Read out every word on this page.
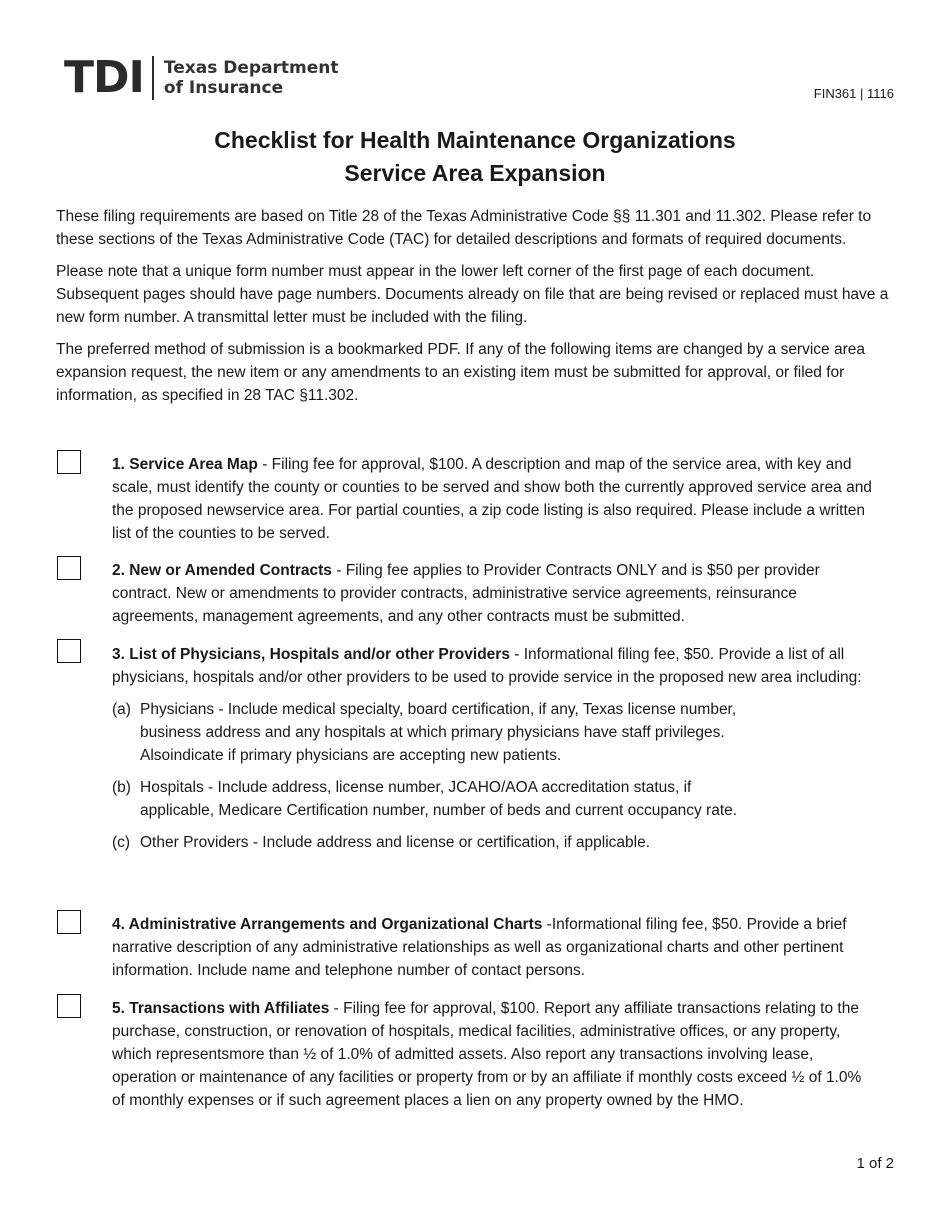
TDI Texas Department
of Insurance	FIN361 | 1116
Checklist for Health Maintenance Organizations
Service Area Expansion

These filing requirements are based on Title 28 of the Texas Administrative Code §§ 11.301 and 11.302. Please refer to these sections of the Texas Administrative Code (TAC) for detailed descriptions and formats of required documents.

Please note that a unique form number must appear in the lower left corner of the first page of each document. Subsequent pages should have page numbers. Documents already on file that are being revised or replaced must have a new form number. A transmittal letter must be included with the filing.

The preferred method of submission is a bookmarked PDF. If any of the following items are changed by a service area expansion request, the new item or any amendments to an existing item must be submitted for approval, or filed for information, as specified in 28 TAC §11.302.

1. Service Area Map - Filing fee for approval, $100. A description and map of the service area, with key and scale, must identify the county or counties to be served and show both the currently approved service area and the proposed newservice area. For partial counties, a zip code listing is also required. Please include a written list of the counties to be served.

2. New or Amended Contracts - Filing fee applies to Provider Contracts ONLY and is $50 per provider contract. New or amendments to provider contracts, administrative service agreements, reinsurance agreements, management agreements, and any other contracts must be submitted.

3. List of Physicians, Hospitals and/or other Providers - Informational filing fee, $50. Provide a list of all physicians, hospitals and/or other providers to be used to provide service in the proposed new area including:

(a) Physicians - Include medical specialty, board certification, if any, Texas license number, business address and any hospitals at which primary physicians have staff privileges. Alsoindicate if primary physicians are accepting new patients.
(b) Hospitals - Include address, license number, JCAHO/AOA accreditation status, if applicable, Medicare Certification number, number of beds and current occupancy rate.
(c) Other Providers - Include address and license or certification, if applicable.

4. Administrative Arrangements and Organizational Charts -Informational filing fee, $50. Provide a brief narrative description of any administrative relationships as well as organizational charts and other pertinent information. Include name and telephone number of contact persons.

5. Transactions with Affiliates - Filing fee for approval, $100. Report any affiliate transactions relating to the purchase, construction, or renovation of hospitals, medical facilities, administrative offices, or any property, which representsmore than ½ of 1.0% of admitted assets. Also report any transactions involving lease, operation or maintenance of any facilities or property from or by an affiliate if monthly costs exceed ½ of 1.0% of monthly expenses or if such agreement places a lien on any property owned by the HMO.

1 of 2
